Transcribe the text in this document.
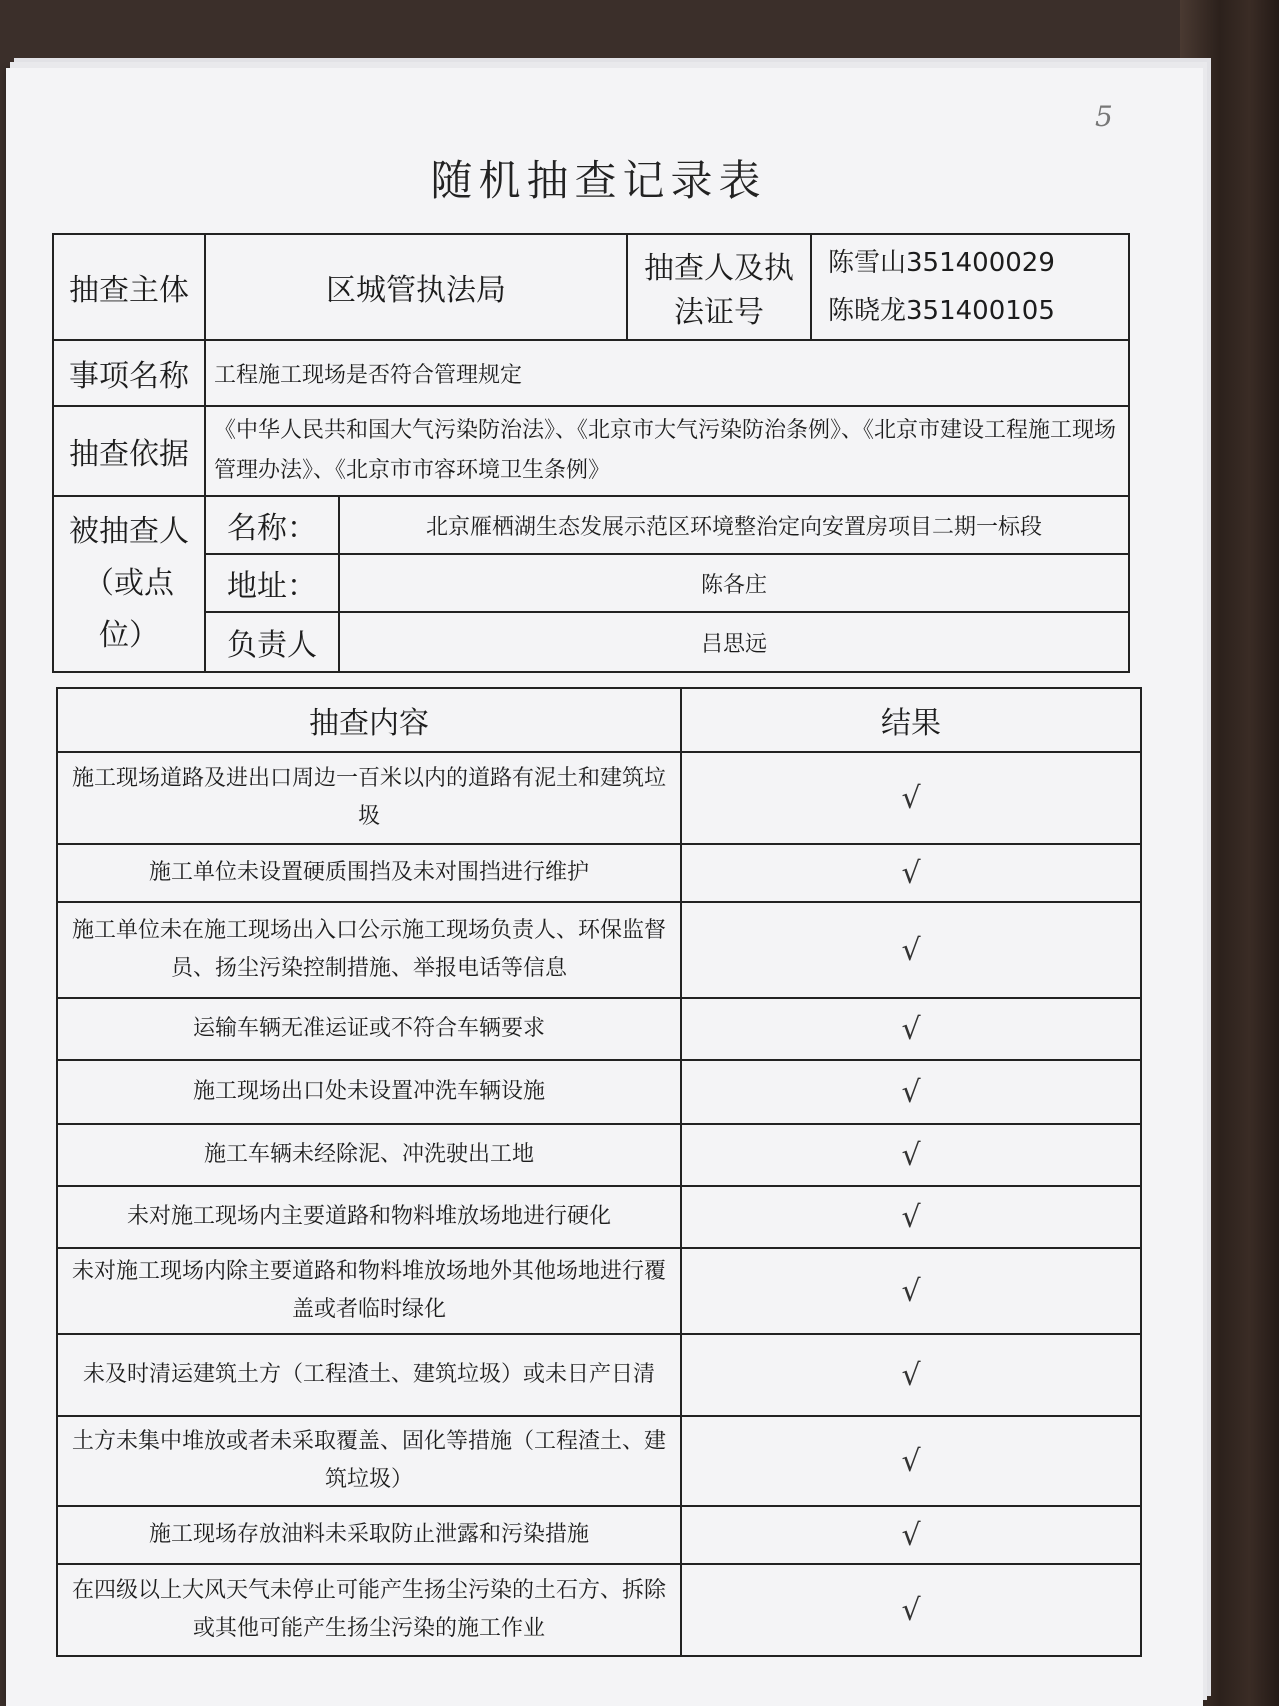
5
随机抽查记录表
抽查主体	区城管执法局		抽查人及执法证号	陈雪山351400029
陈晓龙351400105

事项名称	工程施工现场是否符合管理规定			
抽查依据	《中华人民共和国大气污染防治法》、《北京市大气污染防治条例》、《北京市建设工程施工现场管理办法》、《北京市市容环境卫生条例》			
被抽查人（或点位）	名称：	北京雁栖湖生态发展示范区环境整治定向安置房项目二期一标段		
	地址：	陈各庄		
	负责人	吕思远		
抽查内容	结果
施工现场道路及进出口周边一百米以内的道路有泥土和建筑垃圾	√
施工单位未设置硬质围挡及未对围挡进行维护	√
施工单位未在施工现场出入口公示施工现场负责人、环保监督员、扬尘污染控制措施、举报电话等信息	√
运输车辆无准运证或不符合车辆要求	√
施工现场出口处未设置冲洗车辆设施	√
施工车辆未经除泥、冲洗驶出工地	√
未对施工现场内主要道路和物料堆放场地进行硬化	√
未对施工现场内除主要道路和物料堆放场地外其他场地进行覆盖或者临时绿化	√
未及时清运建筑土方（工程渣土、建筑垃圾）或未日产日清	√
土方未集中堆放或者未采取覆盖、固化等措施（工程渣土、建筑垃圾）	√
施工现场存放油料未采取防止泄露和污染措施	√
在四级以上大风天气未停止可能产生扬尘污染的土石方、拆除或其他可能产生扬尘污染的施工作业	√
